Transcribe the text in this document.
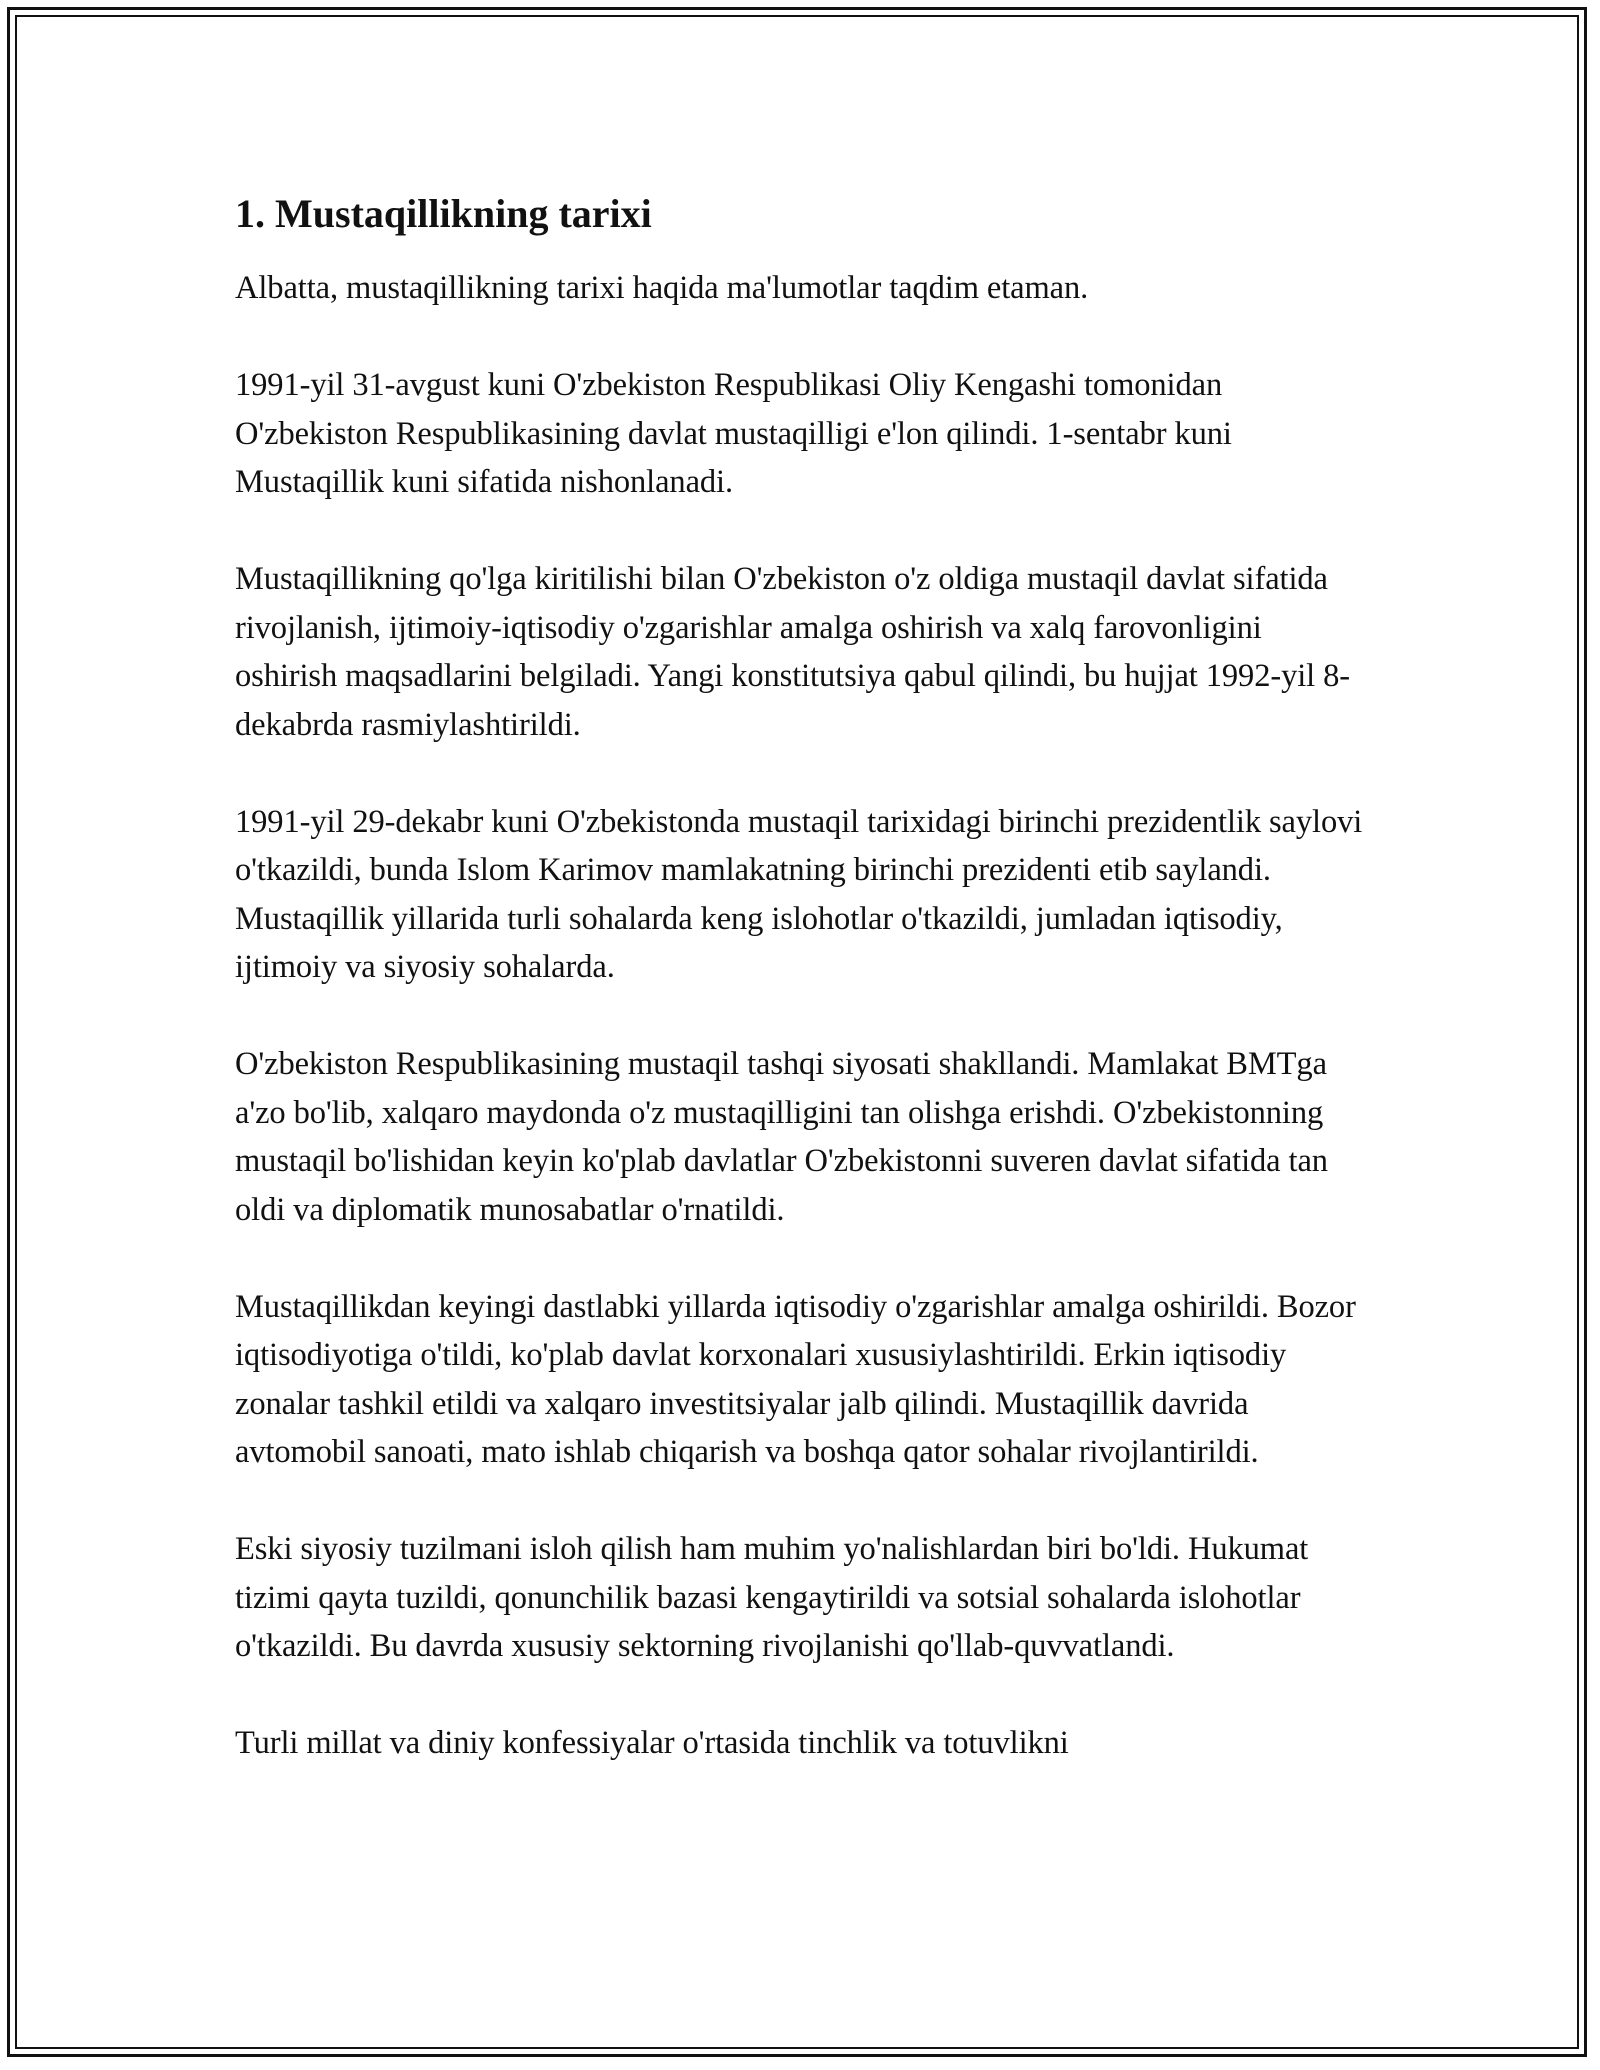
1. Mustaqillikning tarixi

Albatta, mustaqillikning tarixi haqida ma'lumotlar taqdim etaman.

1991-yil 31-avgust kuni O'zbekiston Respublikasi Oliy Kengashi tomonidan O'zbekiston Respublikasining davlat mustaqilligi e'lon qilindi. 1-sentabr kuni Mustaqillik kuni sifatida nishonlanadi.

Mustaqillikning qo'lga kiritilishi bilan O'zbekiston o'z oldiga mustaqil davlat sifatida rivojlanish, ijtimoiy-iqtisodiy o'zgarishlar amalga oshirish va xalq farovonligini oshirish maqsadlarini belgiladi. Yangi konstitutsiya qabul qilindi, bu hujjat 1992-yil 8-dekabrda rasmiylashtirildi.

1991-yil 29-dekabr kuni O'zbekistonda mustaqil tarixidagi birinchi prezidentlik saylovi o'tkazildi, bunda Islom Karimov mamlakatning birinchi prezidenti etib saylandi. Mustaqillik yillarida turli sohalarda keng islohotlar o'tkazildi, jumladan iqtisodiy, ijtimoiy va siyosiy sohalarda.

O'zbekiston Respublikasining mustaqil tashqi siyosati shakllandi. Mamlakat BMTga a'zo bo'lib, xalqaro maydonda o'z mustaqilligini tan olishga erishdi. O'zbekistonning mustaqil bo'lishidan keyin ko'plab davlatlar O'zbekistonni suveren davlat sifatida tan oldi va diplomatik munosabatlar o'rnatildi.

Mustaqillikdan keyingi dastlabki yillarda iqtisodiy o'zgarishlar amalga oshirildi. Bozor iqtisodiyotiga o'tildi, ko'plab davlat korxonalari xususiylashtirildi. Erkin iqtisodiy zonalar tashkil etildi va xalqaro investitsiyalar jalb qilindi. Mustaqillik davrida avtomobil sanoati, mato ishlab chiqarish va boshqa qator sohalar rivojlantirildi.

Eski siyosiy tuzilmani isloh qilish ham muhim yo'nalishlardan biri bo'ldi. Hukumat tizimi qayta tuzildi, qonunchilik bazasi kengaytirildi va sotsial sohalarda islohotlar o'tkazildi. Bu davrda xususiy sektorning rivojlanishi qo'llab-quvvatlandi.

Turli millat va diniy konfessiyalar o'rtasida tinchlik va totuvlikni
